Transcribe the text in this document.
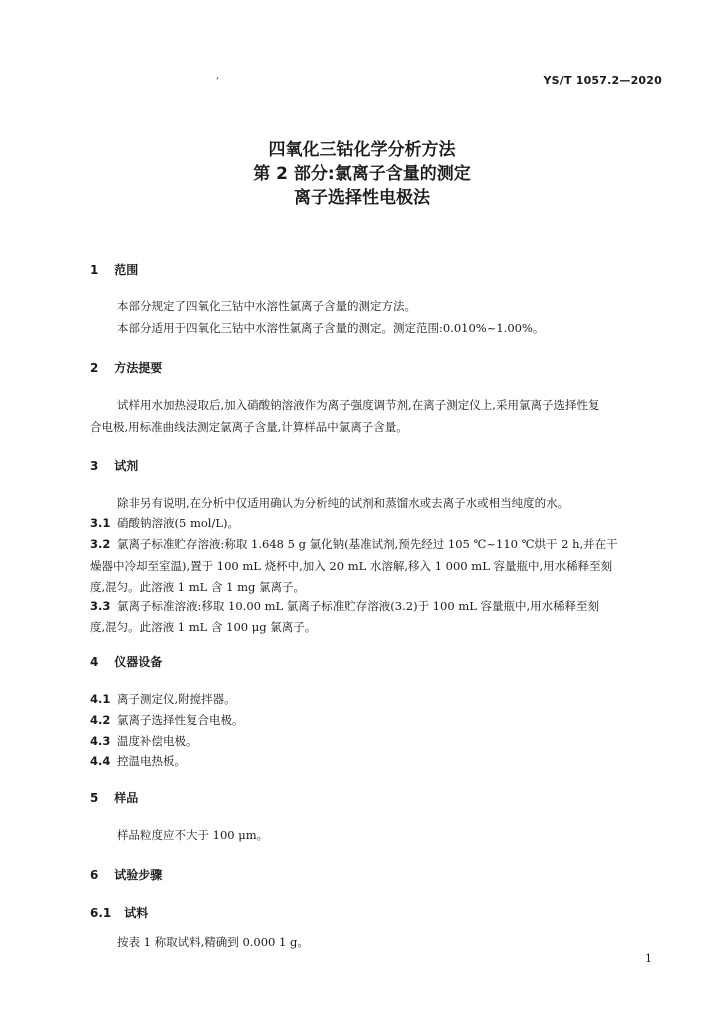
,	YS/T 1057.2—2020
四氧化三钴化学分析方法
第 2 部分:氯离子含量的测定
离子选择性电极法
1 范围
本部分规定了四氧化三钴中水溶性氯离子含量的测定方法。
本部分适用于四氧化三钴中水溶性氯离子含量的测定。测定范围:0.010%~1.00%。
2 方法提要
试样用水加热浸取后,加入硝酸钠溶液作为离子强度调节剂,在离子测定仪上,采用氯离子选择性复
合电极,用标准曲线法测定氯离子含量,计算样品中氯离子含量。
3 试剂
除非另有说明,在分析中仅适用确认为分析纯的试剂和蒸馏水或去离子水或相当纯度的水。
3.1 硝酸钠溶液(5 mol/L)。
3.2 氯离子标准贮存溶液:称取 1.648 5 g 氯化钠(基准试剂,预先经过 105 ℃~110 ℃烘干 2 h,并在干
燥器中冷却至室温),置于 100 mL 烧杯中,加入 20 mL 水溶解,移入 1 000 mL 容量瓶中,用水稀释至刻
度,混匀。此溶液 1 mL 含 1 mg 氯离子。
3.3 氯离子标准溶液:移取 10.00 mL 氯离子标准贮存溶液(3.2)于 100 mL 容量瓶中,用水稀释至刻
度,混匀。此溶液 1 mL 含 100 μg 氯离子。
4 仪器设备
4.1 离子测定仪,附搅拌器。
4.2 氯离子选择性复合电极。
4.3 温度补偿电极。
4.4 控温电热板。
5 样品
样品粒度应不大于 100 μm。
6 试验步骤
6.1 试料
按表 1 称取试料,精确到 0.000 1 g。
1
